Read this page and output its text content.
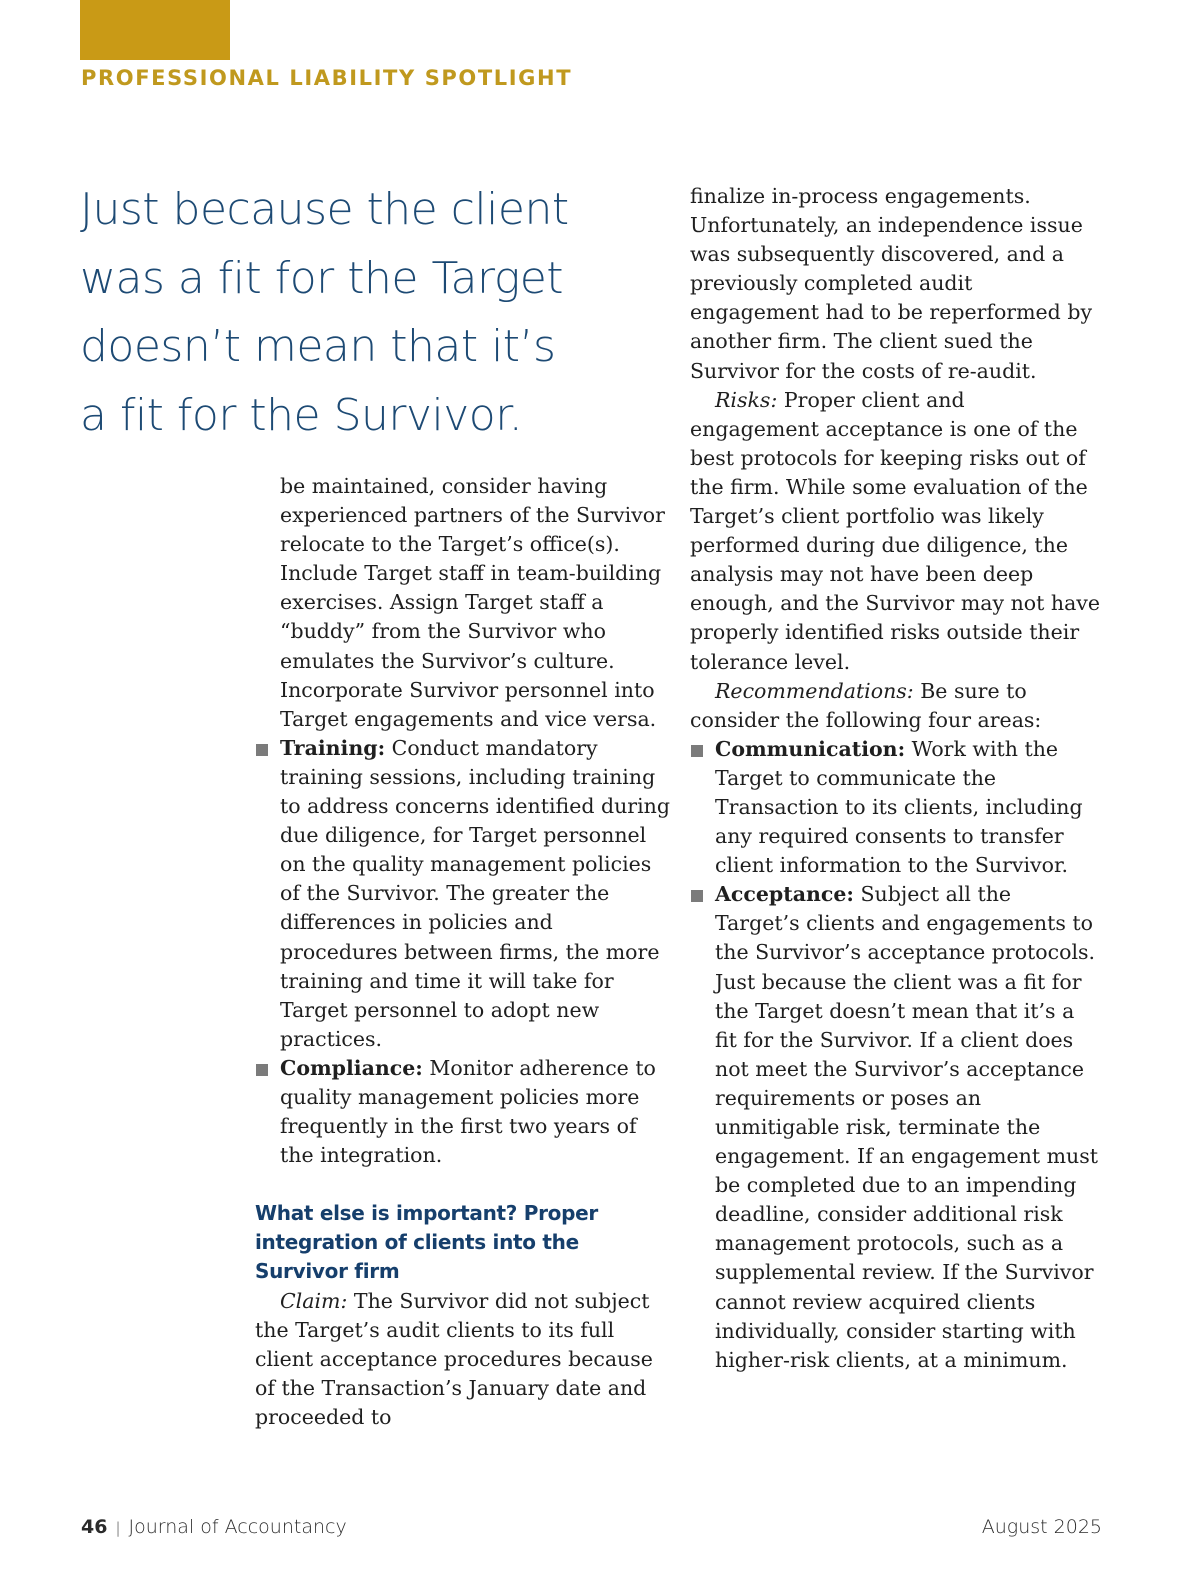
PROFESSIONAL LIABILITY SPOTLIGHT
Just because the client
was a fit for the Target
doesn’t mean that it’s
a fit for the Survivor.

be maintained, consider having experienced partners of the Survivor relocate to the Target’s office(s). Include Target staff in team-building exercises. Assign Target staff a “buddy” from the Survivor who emulates the Survivor’s culture. Incorporate Survivor personnel into Target engagements and vice versa.

Training: Conduct mandatory training sessions, including training to address concerns identified during due diligence, for Target personnel on the quality management policies of the Survivor. The greater the differences in policies and procedures between firms, the more training and time it will take for Target personnel to adopt new practices.

Compliance: Monitor adherence to quality management policies more frequently in the first two years of the integration.

What else is important? Proper integration of clients into the Survivor firm

Claim: The Survivor did not subject the Target’s audit clients to its full client acceptance procedures because of the Transaction’s January date and proceeded to

finalize in-process engagements. Unfortunately, an independence issue was subsequently discovered, and a previously completed audit engagement had to be reperformed by another firm. The client sued the Survivor for the costs of re-audit.

Risks: Proper client and engagement acceptance is one of the best protocols for keeping risks out of the firm. While some evaluation of the Target’s client portfolio was likely performed during due diligence, the analysis may not have been deep enough, and the Survivor may not have properly identified risks outside their tolerance level.

Recommendations: Be sure to consider the following four areas:

Communication: Work with the Target to communicate the Transaction to its clients, including any required consents to transfer client information to the Survivor.

Acceptance: Subject all the Target’s clients and engagements to the Survivor’s acceptance protocols. Just because the client was a fit for the Target doesn’t mean that it’s a fit for the Survivor. If a client does not meet the Survivor’s acceptance requirements or poses an unmitigable risk, terminate the engagement. If an engagement must be completed due to an impending deadline, consider additional risk management protocols, such as a supplemental review. If the Survivor cannot review acquired clients individually, consider starting with higher-risk clients, at a minimum.

46 | Journal of Accountancy	August 2025
